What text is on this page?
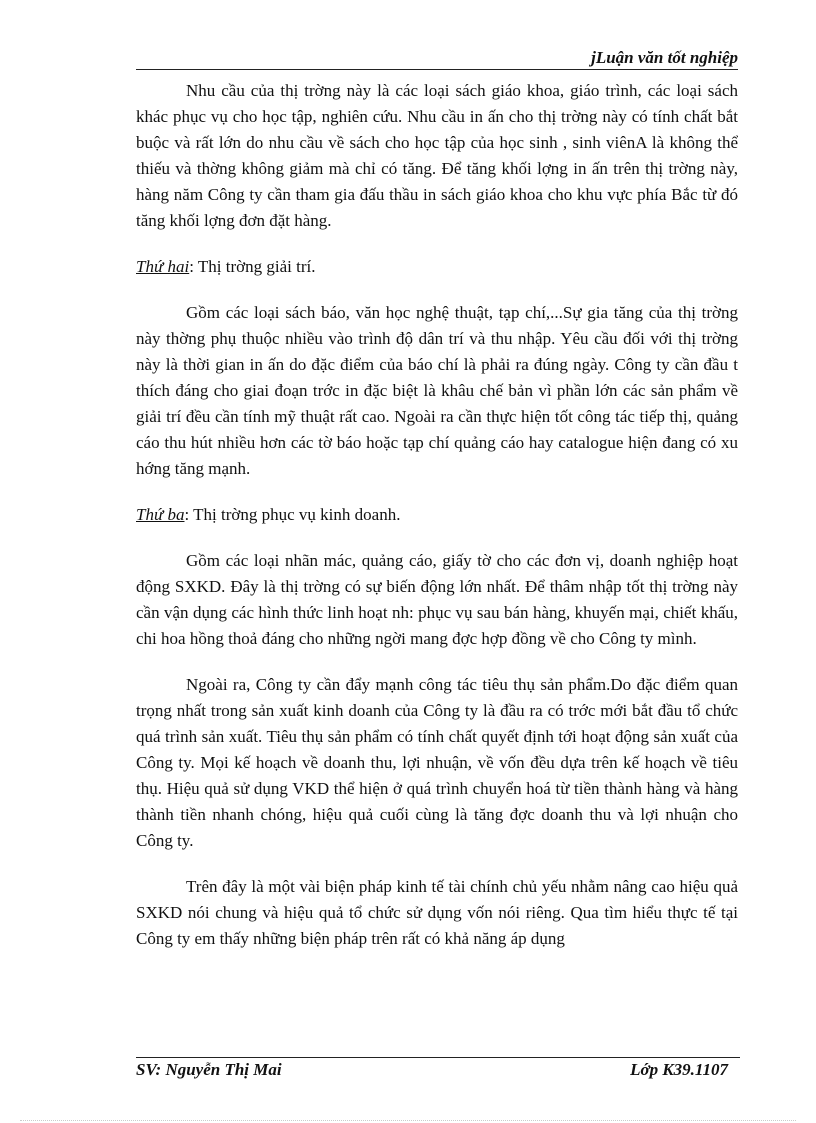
jLuận văn tốt nghiệp

Nhu cầu của thị trờng này là các loại sách giáo khoa, giáo trình, các loại sách khác phục vụ cho học tập, nghiên cứu. Nhu cầu in ấn cho thị trờng này có tính chất bắt buộc và rất lớn do nhu cầu về sách cho học tập của học sinh , sinh viênA là không thể thiếu và thờng không giảm mà chỉ có tăng. Để tăng khối lợng in ấn trên thị trờng này, hàng năm Công ty cần tham gia đấu thầu in sách giáo khoa cho khu vực phía Bắc từ đó tăng khối lợng đơn đặt hàng.

Thứ hai: Thị trờng giải trí.

Gồm các loại sách báo, văn học nghệ thuật, tạp chí,...Sự gia tăng của thị trờng này thờng phụ thuộc nhiều vào trình độ dân trí và thu nhập. Yêu cầu đối với thị trờng này là thời gian in ấn do đặc điểm của báo chí là phải ra đúng ngày. Công ty cần đầu t thích đáng cho giai đoạn trớc in đặc biệt là khâu chế bản vì phần lớn các sản phẩm về giải trí đều cần tính mỹ thuật rất cao. Ngoài ra cần thực hiện tốt công tác tiếp thị, quảng cáo thu hút nhiều hơn các tờ báo hoặc tạp chí quảng cáo hay catalogue hiện đang có xu hớng tăng mạnh.

Thứ ba: Thị trờng phục vụ kinh doanh.

Gồm các loại nhãn mác, quảng cáo, giấy tờ cho các đơn vị, doanh nghiệp hoạt động SXKD. Đây là thị trờng có sự biến động lớn nhất. Để thâm nhập tốt thị trờng này cần vận dụng các hình thức linh hoạt nh: phục vụ sau bán hàng, khuyến mại, chiết khấu, chi hoa hồng thoả đáng cho những ngời mang đợc hợp đồng về cho Công ty mình.

Ngoài ra, Công ty cần đẩy mạnh công tác tiêu thụ sản phẩm.Do đặc điểm quan trọng nhất trong sản xuất kinh doanh của Công ty là đầu ra có trớc mới bắt đầu tổ chức quá trình sản xuất. Tiêu thụ sản phẩm có tính chất quyết định tới hoạt động sản xuất của Công ty. Mọi kế hoạch về doanh thu, lợi nhuận, về vốn đều dựa trên kế hoạch về tiêu thụ. Hiệu quả sử dụng VKD thể hiện ở quá trình chuyển hoá từ tiền thành hàng và hàng thành tiền nhanh chóng, hiệu quả cuối cùng là tăng đợc doanh thu và lợi nhuận cho Công ty.

Trên đây là một vài biện pháp kinh tế tài chính chủ yếu nhằm nâng cao hiệu quả SXKD nói chung và hiệu quả tổ chức sử dụng vốn nói riêng. Qua tìm hiểu thực tế tại Công ty em thấy những biện pháp trên rất có khả năng áp dụng

SV: Nguyễn Thị Mai	Lớp K39.1107
